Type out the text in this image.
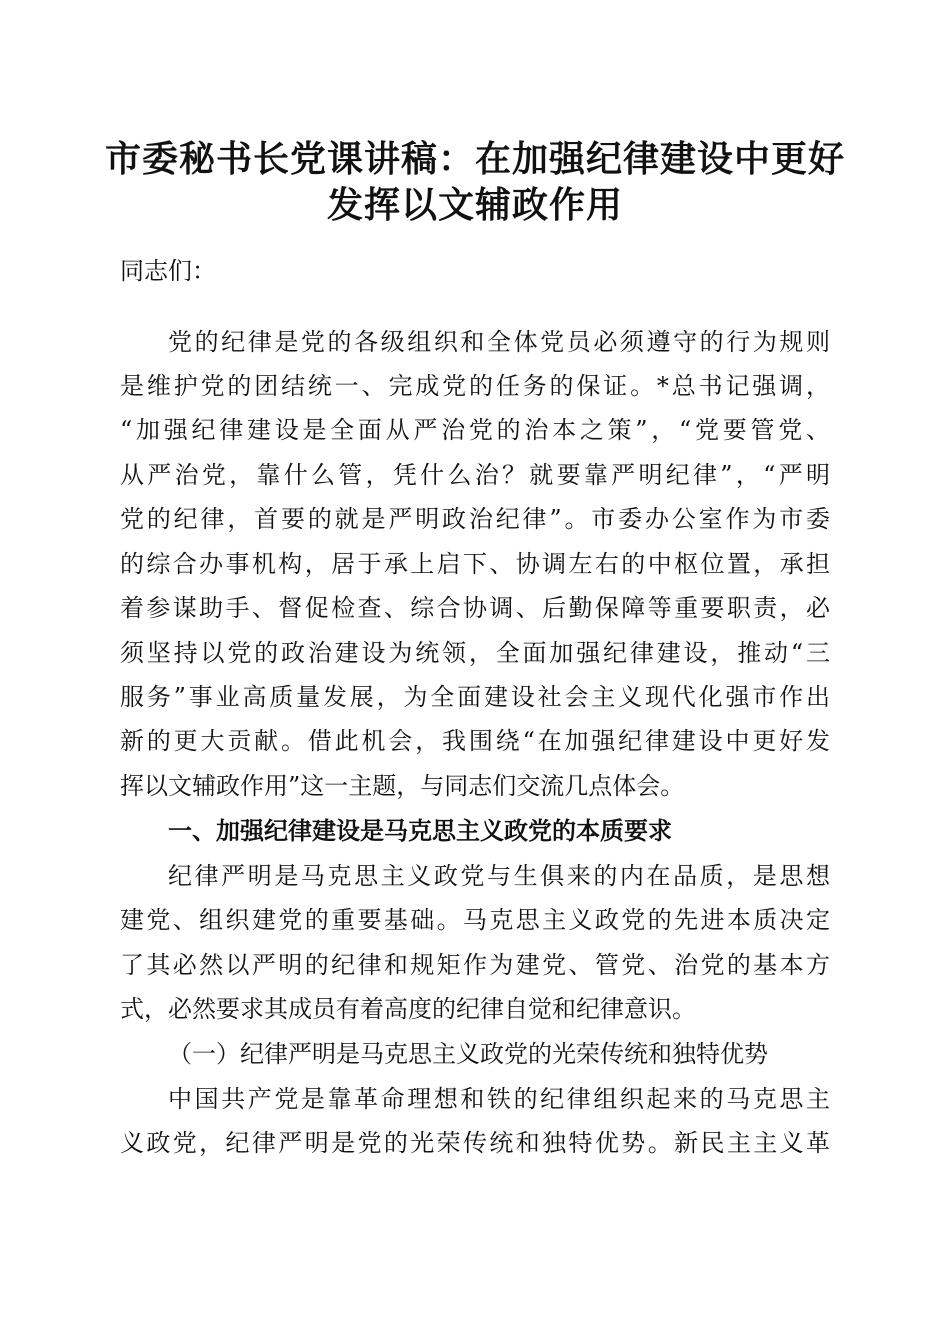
市委秘书长党课讲稿：在加强纪律建设中更好
发挥以文辅政作用
同志们：
党的纪律是党的各级组织和全体党员必须遵守的行为规则
是维护党的团结统一、完成党的任务的保证。*总书记强调，
“加强纪律建设是全面从严治党的治本之策”，“党要管党、
从严治党，靠什么管，凭什么治？就要靠严明纪律”，“严明
党的纪律，首要的就是严明政治纪律”。市委办公室作为市委
的综合办事机构，居于承上启下、协调左右的中枢位置，承担
着参谋助手、督促检查、综合协调、后勤保障等重要职责，必
须坚持以党的政治建设为统领，全面加强纪律建设，推动“三
服务”事业高质量发展，为全面建设社会主义现代化强市作出
新的更大贡献。借此机会，我围绕“在加强纪律建设中更好发
挥以文辅政作用”这一主题，与同志们交流几点体会。
一、加强纪律建设是马克思主义政党的本质要求
纪律严明是马克思主义政党与生俱来的内在品质，是思想
建党、组织建党的重要基础。马克思主义政党的先进本质决定
了其必然以严明的纪律和规矩作为建党、管党、治党的基本方
式，必然要求其成员有着高度的纪律自觉和纪律意识。
（一）纪律严明是马克思主义政党的光荣传统和独特优势
中国共产党是靠革命理想和铁的纪律组织起来的马克思主
义政党，纪律严明是党的光荣传统和独特优势。新民主主义革
